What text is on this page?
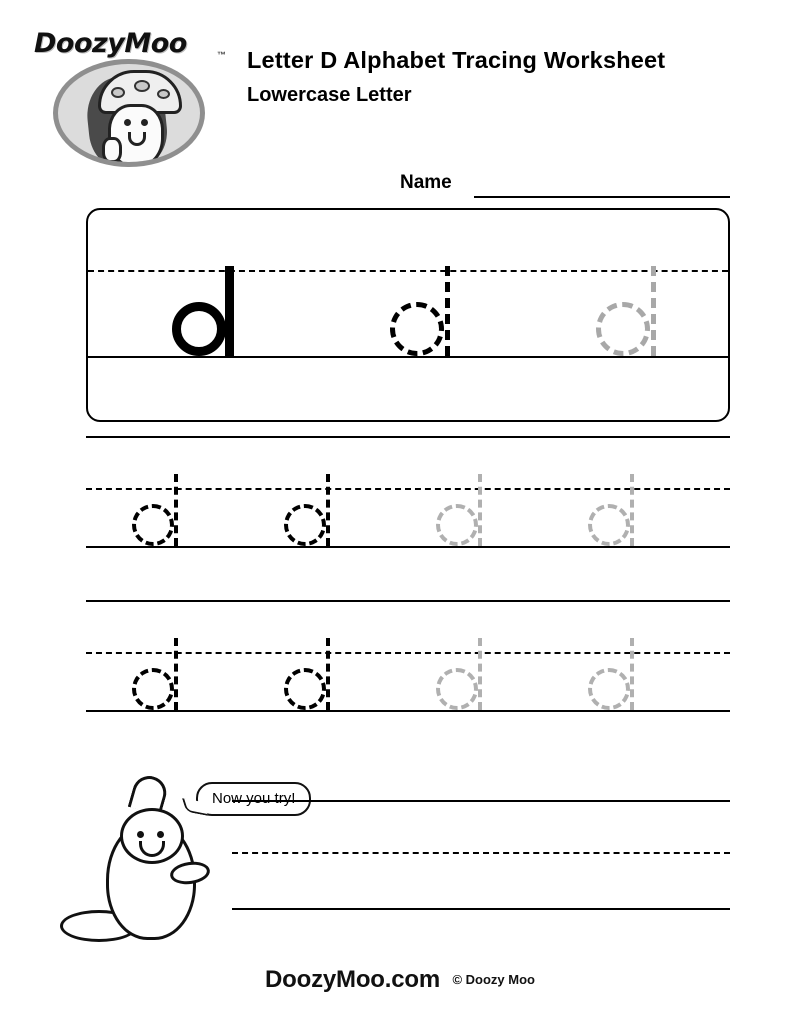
DoozyMoo	™ Letter D Alphabet Tracing Worksheet
Lowercase Letter
Name
Now you try!
DoozyMoo.com © Doozy Moo
